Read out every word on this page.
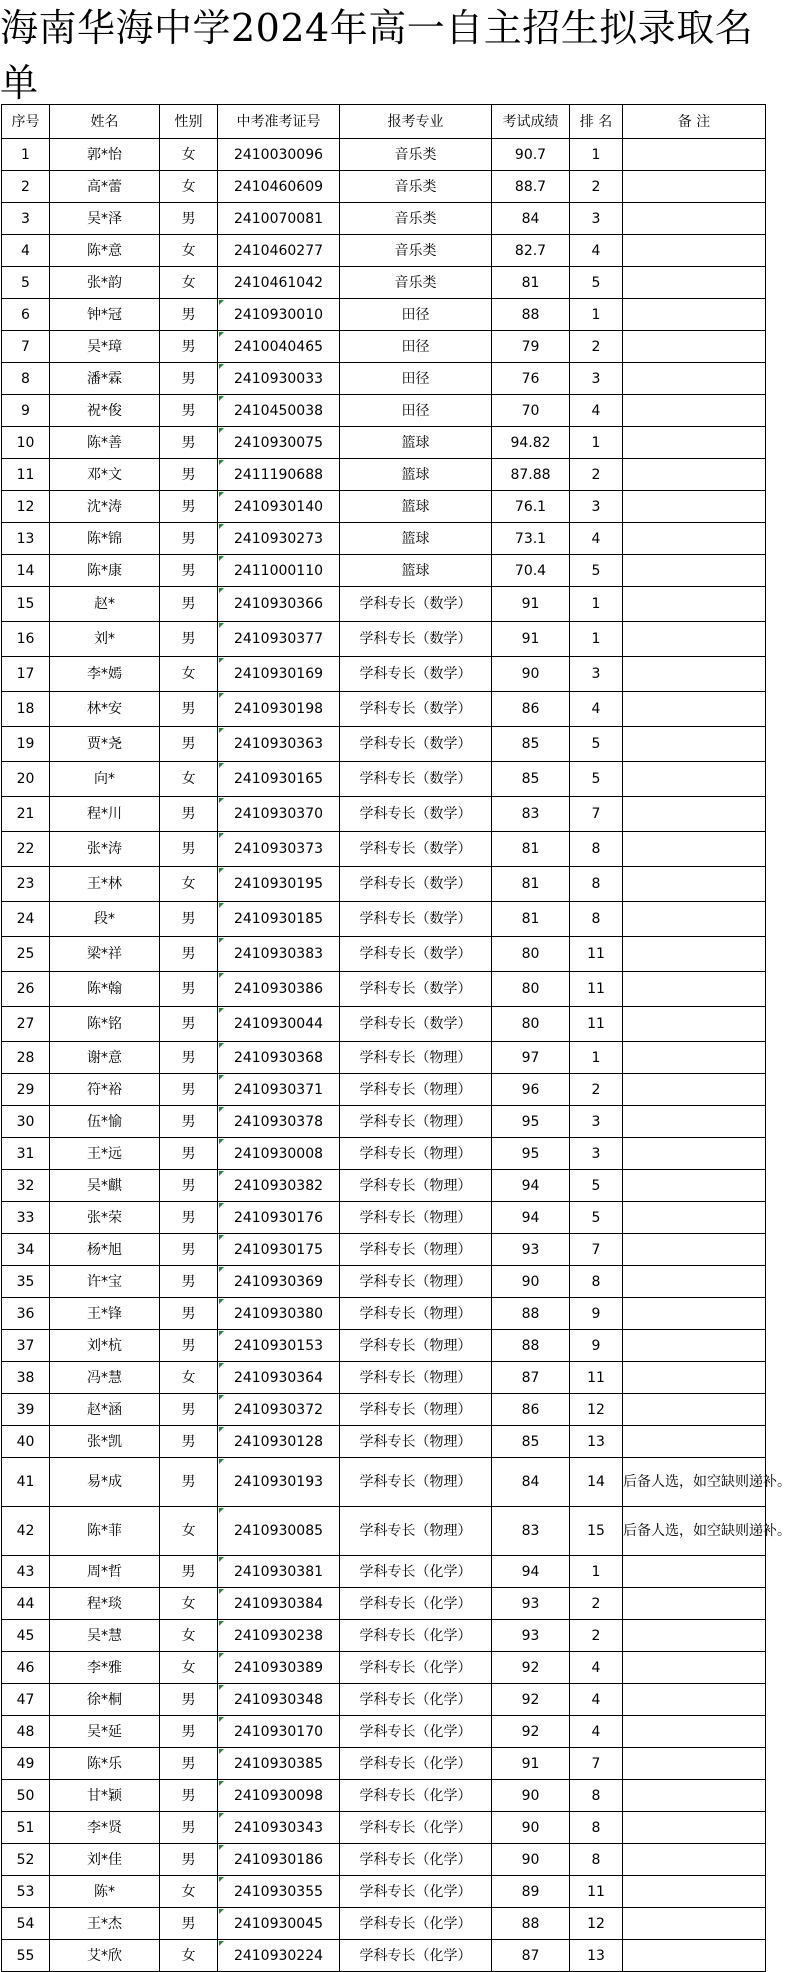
海南华海中学2024年高一自主招生拟录取名单
序号	姓名	性别	中考准考证号	报考专业	考试成绩	排 名	备 注
1	郭*怡	女	2410030096	音乐类	90.7	1	
2	高*蕾	女	2410460609	音乐类	88.7	2	
3	吴*泽	男	2410070081	音乐类	84	3	
4	陈*意	女	2410460277	音乐类	82.7	4	
5	张*韵	女	2410461042	音乐类	81	5	
6	钟*冠	男	2410930010	田径	88	1	
7	吴*璋	男	2410040465	田径	79	2	
8	潘*霖	男	2410930033	田径	76	3	
9	祝*俊	男	2410450038	田径	70	4	
10	陈*善	男	2410930075	篮球	94.82	1	
11	邓*文	男	2411190688	篮球	87.88	2	
12	沈*涛	男	2410930140	篮球	76.1	3	
13	陈*锦	男	2410930273	篮球	73.1	4	
14	陈*康	男	2411000110	篮球	70.4	5	
15	赵*	男	2410930366	学科专长（数学）	91	1	
16	刘*	男	2410930377	学科专长（数学）	91	1	
17	李*嫣	女	2410930169	学科专长（数学）	90	3	
18	林*安	男	2410930198	学科专长（数学）	86	4	
19	贾*尧	男	2410930363	学科专长（数学）	85	5	
20	向*	女	2410930165	学科专长（数学）	85	5	
21	程*川	男	2410930370	学科专长（数学）	83	7	
22	张*涛	男	2410930373	学科专长（数学）	81	8	
23	王*林	女	2410930195	学科专长（数学）	81	8	
24	段*	男	2410930185	学科专长（数学）	81	8	
25	梁*祥	男	2410930383	学科专长（数学）	80	11	
26	陈*翰	男	2410930386	学科专长（数学）	80	11	
27	陈*铭	男	2410930044	学科专长（数学）	80	11	
28	谢*意	男	2410930368	学科专长（物理）	97	1	
29	符*裕	男	2410930371	学科专长（物理）	96	2	
30	伍*愉	男	2410930378	学科专长（物理）	95	3	
31	王*远	男	2410930008	学科专长（物理）	95	3	
32	吴*麒	男	2410930382	学科专长（物理）	94	5	
33	张*荣	男	2410930176	学科专长（物理）	94	5	
34	杨*旭	男	2410930175	学科专长（物理）	93	7	
35	许*宝	男	2410930369	学科专长（物理）	90	8	
36	王*锋	男	2410930380	学科专长（物理）	88	9	
37	刘*杭	男	2410930153	学科专长（物理）	88	9	
38	冯*慧	女	2410930364	学科专长（物理）	87	11	
39	赵*涵	男	2410930372	学科专长（物理）	86	12	
40	张*凯	男	2410930128	学科专长（物理）	85	13	
41	易*成	男	2410930193	学科专长（物理）	84	14	后备人选，如空缺则递补。
42	陈*菲	女	2410930085	学科专长（物理）	83	15	后备人选，如空缺则递补。
43	周*哲	男	2410930381	学科专长（化学）	94	1	
44	程*琰	女	2410930384	学科专长（化学）	93	2	
45	吴*慧	女	2410930238	学科专长（化学）	93	2	
46	李*雅	女	2410930389	学科专长（化学）	92	4	
47	徐*桐	男	2410930348	学科专长（化学）	92	4	
48	吴*延	男	2410930170	学科专长（化学）	92	4	
49	陈*乐	男	2410930385	学科专长（化学）	91	7	
50	甘*颖	男	2410930098	学科专长（化学）	90	8	
51	李*贤	男	2410930343	学科专长（化学）	90	8	
52	刘*佳	男	2410930186	学科专长（化学）	90	8	
53	陈*	女	2410930355	学科专长（化学）	89	11	
54	王*杰	男	2410930045	学科专长（化学）	88	12	
55	艾*欣	女	2410930224	学科专长（化学）	87	13	
